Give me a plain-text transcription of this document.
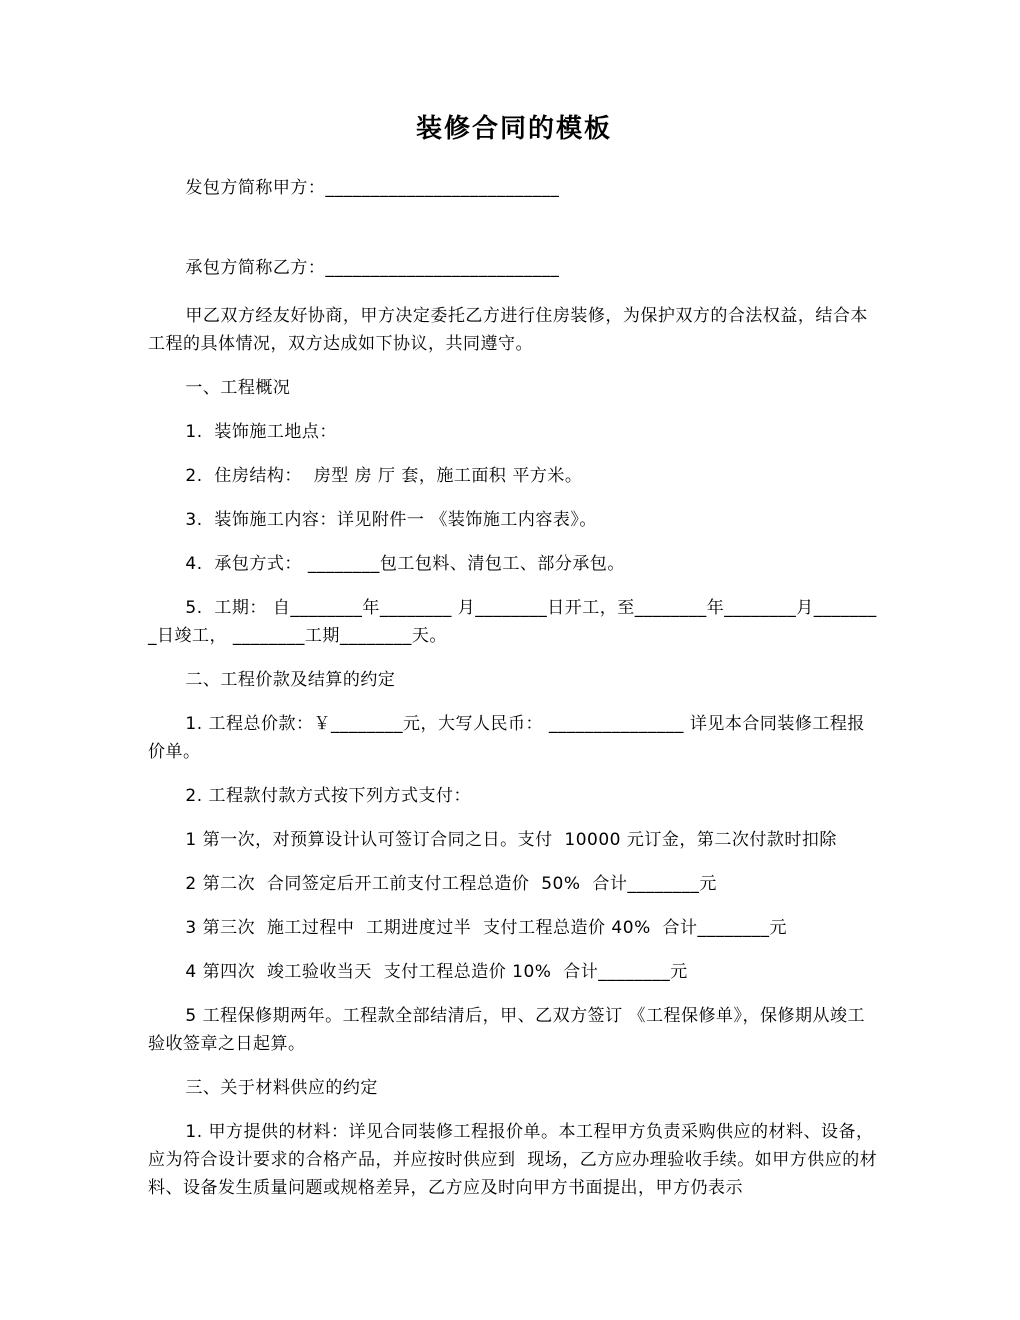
装修合同的模板

发包方简称甲方：__________________________

承包方简称乙方：__________________________

甲乙双方经友好协商，甲方决定委托乙方进行住房装修，为保护双方的合法权益，结合本工程的具体情况，双方达成如下协议，共同遵守。

一、工程概况

1.  装饰施工地点：

2.  住房结构：  房型 房 厅 套，施工面积 平方米。

3.  装饰施工内容：详见附件一 《装饰施工内容表》。

4.  承包方式： ________包工包料、清包工、部分承包。

5.  工期： 自________年________ 月________日开工，至________年________月________日竣工， ________工期________天。

二、工程价款及结算的约定

1. 工程总价款：￥________元，大写人民币： _______________ 详见本合同装修工程报价单。

2. 工程款付款方式按下列方式支付：

1 第一次，对预算设计认可签订合同之日。支付  10000 元订金，第二次付款时扣除

2 第二次  合同签定后开工前支付工程总造价  50%  合计________元

3 第三次  施工过程中  工期进度过半  支付工程总造价 40%  合计________元

4 第四次  竣工验收当天  支付工程总造价 10%  合计________元

5 工程保修期两年。工程款全部结清后，甲、乙双方签订 《工程保修单》，保修期从竣工验收签章之日起算。

三、关于材料供应的约定

1. 甲方提供的材料：详见合同装修工程报价单。本工程甲方负责采购供应的材料、设备，应为符合设计要求的合格产品，并应按时供应到  现场，乙方应办理验收手续。如甲方供应的材料、设备发生质量问题或规格差异，乙方应及时向甲方书面提出，甲方仍表示
